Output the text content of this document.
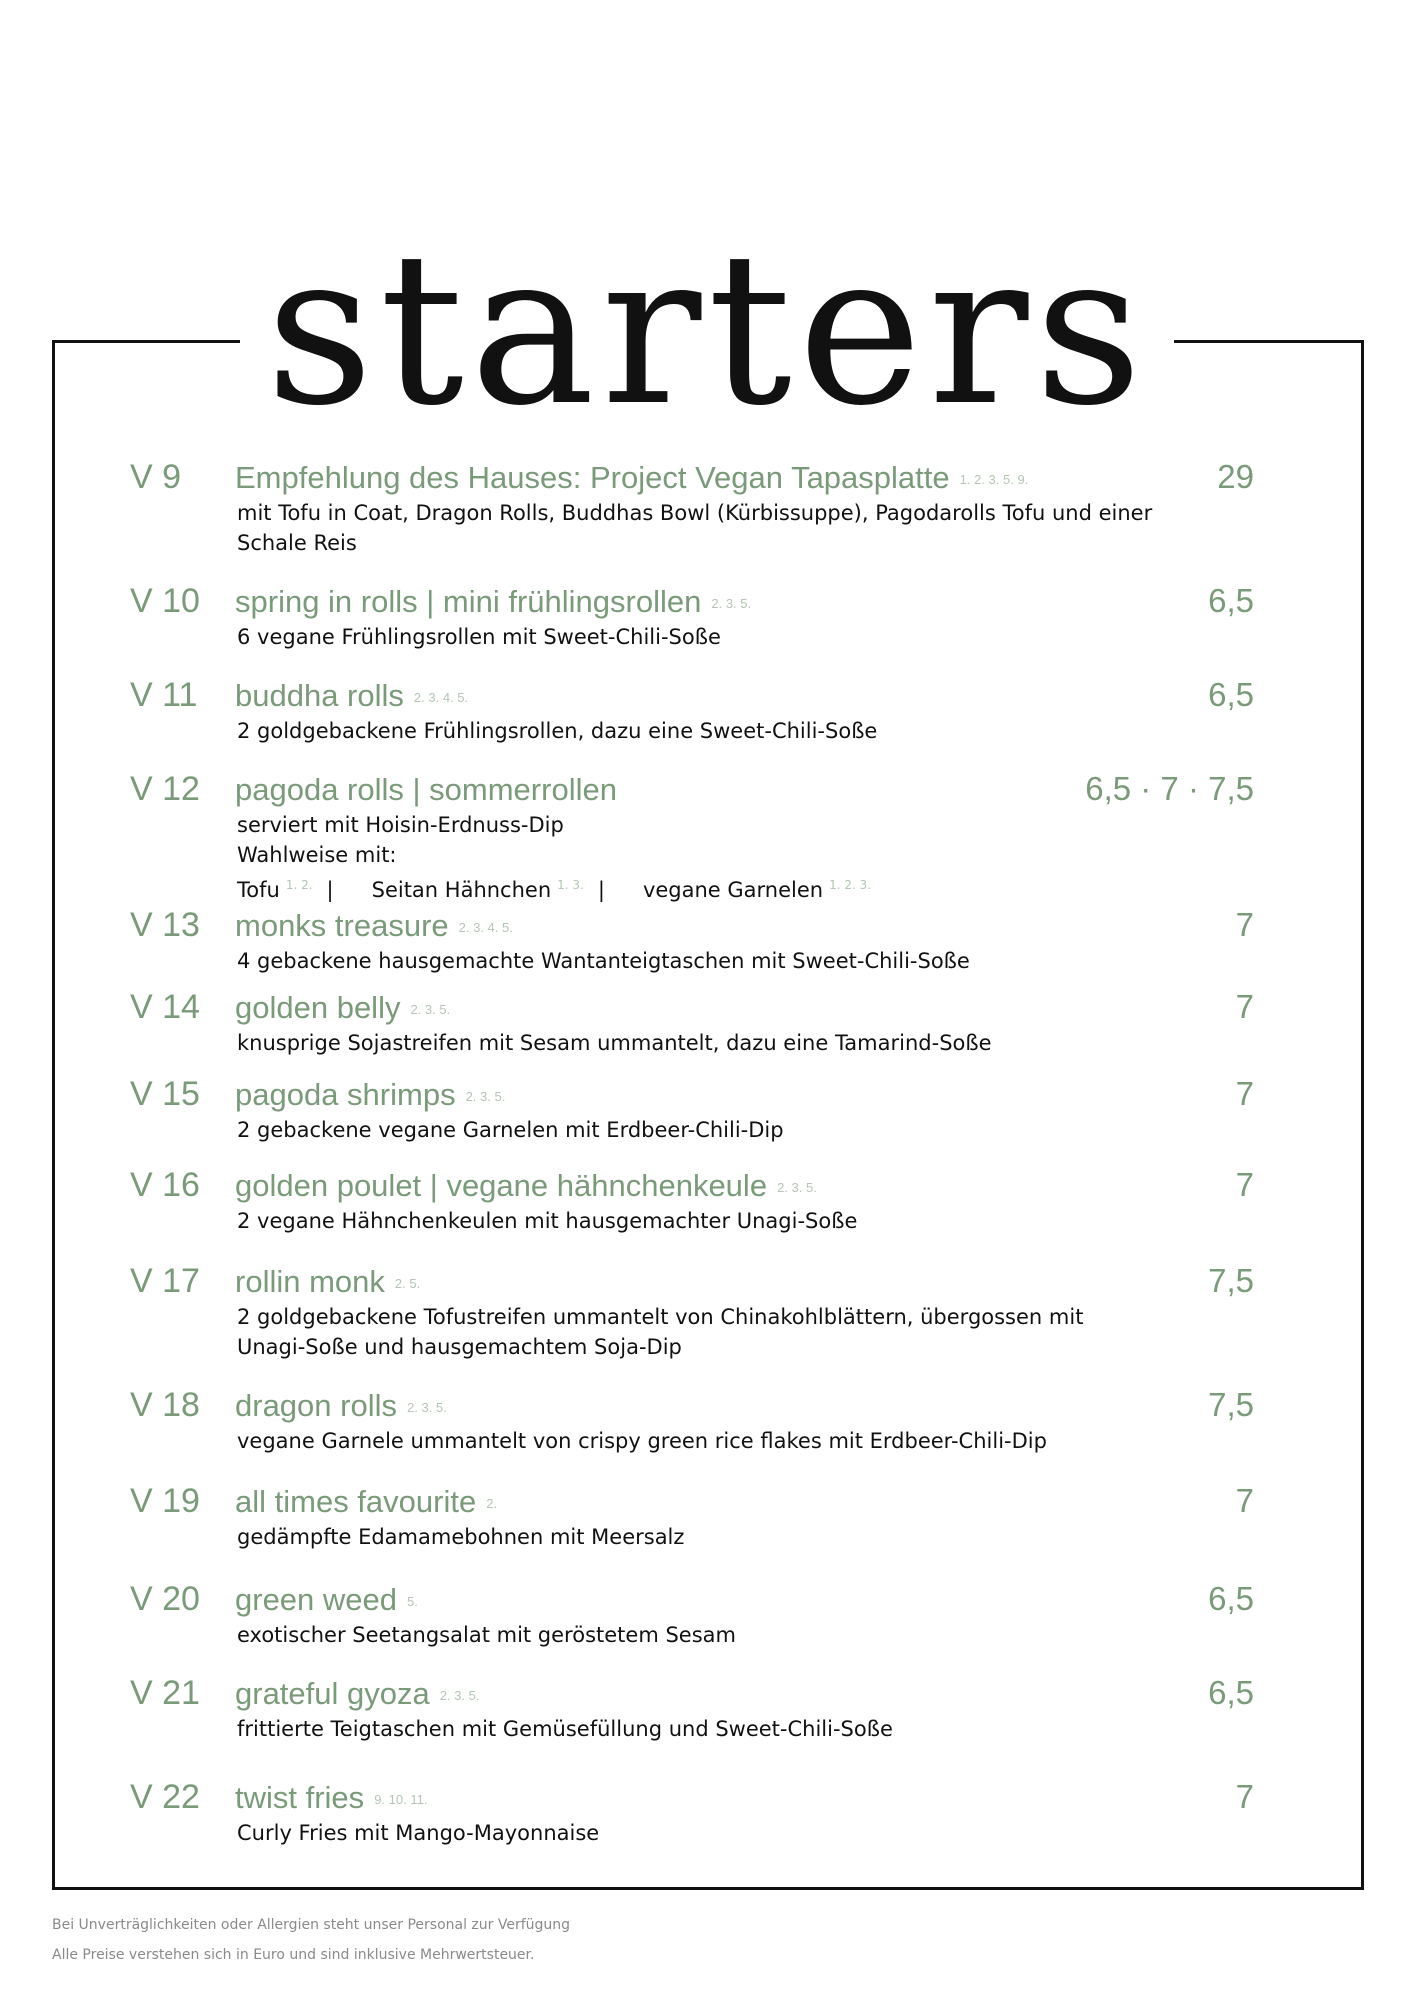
starters
V 9 Empfehlung des Hauses: Project Vegan Tapasplatte 1. 2. 3. 5. 9.	29
mit Tofu in Coat, Dragon Rolls, Buddhas Bowl (Kürbissuppe), Pagodarolls Tofu und einer
Schale Reis
V 10 spring in rolls | mini frühlingsrollen 2. 3. 5.	6,5
6 vegane Frühlingsrollen mit Sweet-Chili-Soße
V 11 buddha rolls 2. 3. 4. 5.	6,5
2 goldgebackene Frühlingsrollen, dazu eine Sweet-Chili-Soße
V 12 pagoda rolls | sommerrollen	6,5 · 7 · 7,5
serviert mit Hoisin-Erdnuss-Dip
Wahlweise mit:
Tofu $^{1. 2.}$ | Seitan Hähnchen $^{1. 3.}$ | vegane Garnelen $^{1. 2. 3.}$
V 13 monks treasure 2. 3. 4. 5.	7
4 gebackene hausgemachte Wantanteigtaschen mit Sweet-Chili-Soße
V 14 golden belly 2. 3. 5.	7
knusprige Sojastreifen mit Sesam ummantelt, dazu eine Tamarind-Soße
V 15 pagoda shrimps 2. 3. 5.	7
2 gebackene vegane Garnelen mit Erdbeer-Chili-Dip
V 16 golden poulet | vegane hähnchenkeule 2. 3. 5.	7
2 vegane Hähnchenkeulen mit hausgemachter Unagi-Soße
V 17 rollin monk 2. 5.	7,5
2 goldgebackene Tofustreifen ummantelt von Chinakohlblättern, übergossen mit
Unagi-Soße und hausgemachtem Soja-Dip
V 18 dragon rolls 2. 3. 5.	7,5
vegane Garnele ummantelt von crispy green rice flakes mit Erdbeer-Chili-Dip
V 19 all times favourite 2.	7
gedämpfte Edamamebohnen mit Meersalz
V 20 green weed 5.	6,5
exotischer Seetangsalat mit geröstetem Sesam
V 21 grateful gyoza 2. 3. 5.	6,5
frittierte Teigtaschen mit Gemüsefüllung und Sweet-Chili-Soße
V 22 twist fries 9. 10. 11.	7
Curly Fries mit Mango-Mayonnaise
Bei Unverträglichkeiten oder Allergien steht unser Personal zur Verfügung
Alle Preise verstehen sich in Euro und sind inklusive Mehrwertsteuer.
